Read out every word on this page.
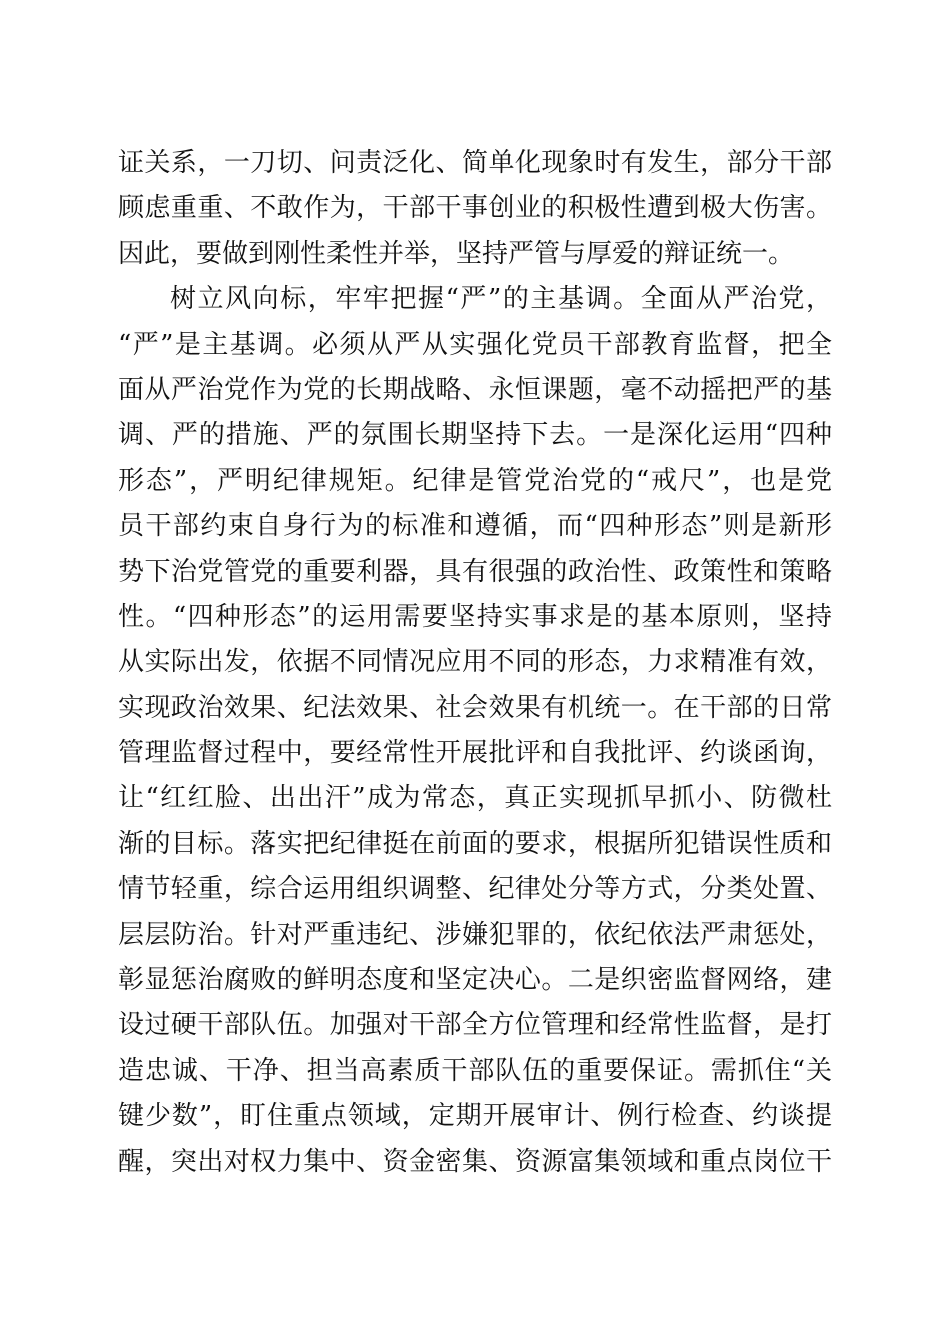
证关系，一刀切、问责泛化、简单化现象时有发生，部分干部
顾虑重重、不敢作为，干部干事创业的积极性遭到极大伤害。
因此，要做到刚性柔性并举，坚持严管与厚爱的辩证统一。
树立风向标，牢牢把握“严”的主基调。全面从严治党，
“严”是主基调。必须从严从实强化党员干部教育监督，把全
面从严治党作为党的长期战略、永恒课题，毫不动摇把严的基
调、严的措施、严的氛围长期坚持下去。一是深化运用“四种
形态”，严明纪律规矩。纪律是管党治党的“戒尺”，也是党
员干部约束自身行为的标准和遵循，而“四种形态”则是新形
势下治党管党的重要利器，具有很强的政治性、政策性和策略
性。“四种形态”的运用需要坚持实事求是的基本原则，坚持
从实际出发，依据不同情况应用不同的形态，力求精准有效，
实现政治效果、纪法效果、社会效果有机统一。在干部的日常
管理监督过程中，要经常性开展批评和自我批评、约谈函询，
让“红红脸、出出汗”成为常态，真正实现抓早抓小、防微杜
渐的目标。落实把纪律挺在前面的要求，根据所犯错误性质和
情节轻重，综合运用组织调整、纪律处分等方式，分类处置、
层层防治。针对严重违纪、涉嫌犯罪的，依纪依法严肃惩处，
彰显惩治腐败的鲜明态度和坚定决心。二是织密监督网络，建
设过硬干部队伍。加强对干部全方位管理和经常性监督，是打
造忠诚、干净、担当高素质干部队伍的重要保证。需抓住“关
键少数”，盯住重点领域，定期开展审计、例行检查、约谈提
醒，突出对权力集中、资金密集、资源富集领域和重点岗位干
